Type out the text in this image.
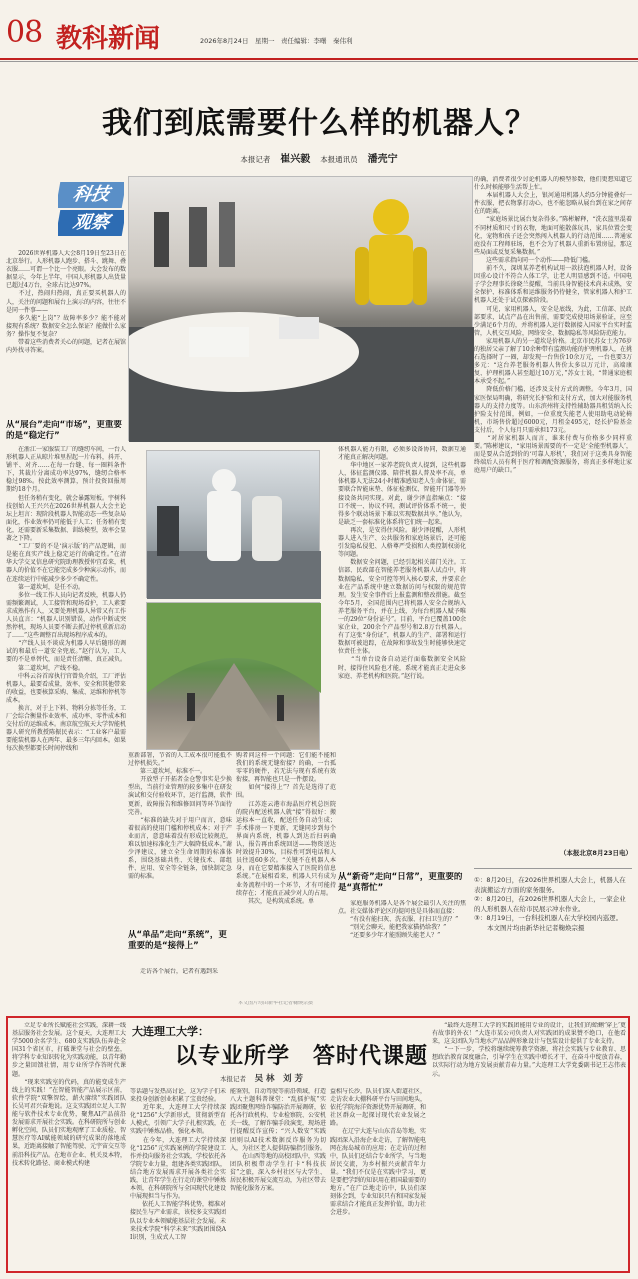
08 教科新闻	2026年8月24日　星期一　责任编辑：李曙　秦伟利
我们到底需要什么样的机器人？
本报记者　 崔兴毅　 本报通讯员　 潘壳宁
科技
观察
　　2026世界机器人大会8月19日至23日在北京举行。人形机器人跑步、搭斗、跳舞、叠衣服……可谓一个比一个亮眼。大会发布的数据显示，今年上半年，中国人形机器人出货量已超过4万台，全球占比达97%。
　　不过，热闹归热闹，真正要买机器人的人，关注的问题和展台上演示的内容，往往不是同一件事——
　　多久能“上岗”？故障率多少？能不能对接现有系统？数据安全怎么保证？能做什么家务？操作复不复杂？
　　带着这些消费者关心的问题，记者在展馆内外找寻答案。
从“展台”走向“市场”，更重要的是“稳定行”
　　在浙江一家服装工厂的缝纫车间，一台人形机器人正从晾片堆里捏起一片布料，抖开、铺平、对齐……在每一台缝、每一圈料条件下，其裁片分离成功率达97%，缝纫合格率稳过98%。按此效率测算，预计投资回报周期约18个月。
　　但任务稍有变化，就会暴露短板。宇树科技创始人王兴兴在2026世界机器人大会主论坛上坦言：现阶段机器人智能动态一些复杂局面化，作业效率仍可能低于人工；任务稍有变化，还需要新采集数据、训练模型，效率会显著之下降。
　　“工厂要的不是‘演示版’的产品逻辑，而是能在真实产线上稳定运行的确定性。”在清华大学交叉信息研究院助理教授仲宜看来，机器人的价值不在它能完成多少种演示动作，而在连续运行中能减少多少不确定性。
　　第一道坎坷，是任不动。
　　多位一线工作人员向记者反映，机器人仍需频繁调试，人工接管和现场看护，工人素要求成熟作有人，又要处理机器人异常又有工作人员直言：“机器人识别错误，动作中断或突然停机，现场人员要不断去抓过停机重新启动了……”这些调整百出现场程序成本的。
　　“产线人员不谈成为机器人早后随形的调试的和最后一道安全兜底。”赵行认为，工人要的不是单替代，而是责任清晰、真正减负。
　　第二道坎坷，产线不稳。
　　中科云谷首席执行官曾奂介绍，工厂评估机器人，最要看成量，效率、安全和其他带来的收益，也要核算采购、集成、运维和停机等成本。
　　换言，对于上下料、物料分拣等任务，工厂会综合衡量作业效率、成功率、零件成本和交付后的运维成本。南京航空航天大学智能机器人研究所教授陈振民表示：“工业客户最需要能装机器人在两年、最多三年内回本。如果每次换型都要长时间停线和
重新部署，节省的人工成本很可能抵不过停机损失。”
　　第三道坎坷，标准不一。
　　开放型子开拓者金仓警事实是少换型出，当前行业管理的较多集中在研发演试和交付验收环节，运行监测，软件更新，故障报告和维修回问等环节面待完善。
　　“标准的缺失对于用户而言，意味着很高的使用门槛和停机成本；对于产业而言，意意味着没有形成比较规范，难以加速标准化生产大幅降低成本。”谢少泽建议，建立全生命周期的标准体系，围绕基础共性、关键技术、部组件、应用、安全等全链条，加快制定急需的标准。
从“单品”走向“系统”，更重要的是“接得上”
　　走访各个展台，记者有遇到采
购者问这样一个问题：它们能不能和我们的系统无缝衔接？的确，一台孤零零的硬件，若无法与现有系统有效衔接，再智能也只是一件摆设。
　　如何“接得上”？首先是选得了范围。
　　江苏连云港市海晶医疗机总医院的院内配送机器人就“接”得很好：搬运标本一直收，配送任务自动生成；手术排房一下更新，无缝同步到每个界面内系统，机器人到达后扫码确认，报告再由系统回送——物资送达时效提升30%，目标性可到电话和人员往返60多次。“关键不在机器人本身，而在它要精准接入了医院的信息系统。”在展相看来，机器人只有成为业务流程中的一个环节，才有可能持续存在；才能真正减少对人的占用。
　　其次，是构筑成系统。单
体机器人能力有限，必须多设备协同，数据互通才能真正解决问题。
　　华中地区一家养老院负责人提到，这些机器人，体征监测仪器、陪伴机器人普及率不高，单体机器人无法24小时精准感知老人生命体征，需要联合智能床垫、体征检测仪、智能开门器等外接设备共同实现。对此，谢少泽直指痛点：“接口不统一、协议不同，测试评价体系不统一，使得多个联动场景下难以实现数据共享。”他认为，是缺乏一套标准化体系将它们统一起来。
　　再次，是安得住风险。谢少泽提醒，人形机器人进入生产、公共服务和家庭场景后，还可能引发隐私侵犯、人格尊严受损和人类控制权弱化等问题。
　　数据安全问题，已经引起相关部门关注。工信部、民政部在智能养老服务机器人试点中，将数据隐私、安全可控等列入核心要求，并要求企业在产品系统中建立数据访问与权限的规范管理。发生安全事件后上报监测和整改措施。截至今年5月，全国范围内已将机器人安全合规纳入养老服务平台，并在上线，为每台机器人赋予唯一的29位“身份证号”。目前，平台已覆盖100余家企业，200余个产品型号和2.8万台机器人。有了这张“身份证”，机器人的生产、部署和运行数据可被追踪，在故障和事故发生时能够快速定位责任主体。
　　“当单台设备自动运行面临数据安全风险时，接得住风险也才能，系统才能真正走进众多家庭、养老机构和医院。”赵行说。
从“新奇”走向“日常”，更重要的是“真帮忙”
　　家庭服务机器人是各个展会最引人关注的焦点。社交媒体评论区的提问也是具体而直接：
　　“有没有能扫灰、洗衣服、打扫卫生的？”
　　“别光会聊天，能把我家猫扔给我？”
　　“还要多少年才能照顾失能老人？”
的确，消费者很少讨论机器人的模型参数，他们更想知道它什么时候能够生活帮上忙。
　　本届机器人大会上，银河通用机器人约5分钟能叠好一件衣服，把衣物掌打动心，也不能忽略从展台到在家之间存在的距离。
　　“家庭场景比展台复杂得多。”陈彬解释，“洗衣篮里混着不同材质和尺寸的衣物，地面可能散落玩具，家具位置会变化，宠物和孩子还会突然闯入机器人的行动范围……普通家庭没有工程师驻场，也不会为了机器人重新布置房屋，那这些局面或反复采集数据。”
　　这些需求指向同一个动作——降低门槛。
　　前不久，深圳某养老机构试用一款扶泡机器人时，设备因重心设计不符合人体工学，让老人明显感到不适。中国电子学会理事长徐晓兰提醒，当前具身智能技术尚未成熟，安全保护、标准体系和运维服务仍待健全，管家机器人和护工机器人还处于试点探索阶段。
　　可见，家用机器人，安全是底线，为此，工信部、民政部要求，试点产品在出售前，需要完成使用场景验证，应至少满足6个月的，并将机器人运行数据接入国家平台实时监管，人机交互风险，网络安全、数据隐私等风险防范能力。
　　家用机器人的另一道坎是价格。北京市民苏女士为76岁的独居父亲了解了10余种带有监测功能的护理机器人，在挑石选择时了一圈，却发现一台售价10余万元，一台也要3万多元：“这台养老服务机器人售价太多以万元计，高端康复、护理机器人甚至超过10万元，”苏女士说，“普通家庭根本承受不起。”
　　降低价格门槛，还涉及支付方式的调整。今年3月，国家医保局明确，将研究长护险和支付方式，加大对能服务机器人的支持力度等。山东滨州将支持性辅助器具租赁纳入长护险支付范围，例如，一位重度失能老人使用助电动轮椅机，市场售价超过6000元，月租金495元，经长护险基金支付后，个人每月只需承担173元。
　　“对居家机器人而言，谁来付费与价格多少同样重要。”陈彬建议，“家用场景需要的不一定是‘全能型机器人’，而是要从合适到价的‘可靠人形机’，我们对于这类具身智能终端后人员有利于医疗和调配资源服务，将真正多样地让家庭用户的缺口。”
（本报北京8月23日电）
①：8月20日，在2026世界机器人大会上，机器人在表演搬运方方面的家务服务。
②：8月20日，在2026世界机器人大会上，一家企业的人形机器人在给市民展示冲水作业。
③：8月19日，一台科技机器人在大学校园内巡逻。
　　本文图片均由新华社记者鞠焕宗摄
本文图片均由新华社记者鞠焕宗摄	① ② ③
大连理工大学：
以专业所学　答时代课题
本报记者　 吴 林　刘 芳
　　立足专业所长赋能社会实践，深耕一线基层服务社会发展。这个夏天，大连理工大学5000余名学生、680支实践队伍奔赴全国31个省区市，打破课堂与社会的壁垒，将学科专业知识转化为实践动能，以青年勤步之量回馈社情，用专业所学作答时代课题。
　　“现来实践室的代码，真的能变成生产线上的实践！”在智能智能产品展示区前，软件学院“双擎智绘，薪火赓续”实践团队长吴可君兴奋地说。这支实践团立足人工智能与软件技术专业优势，聚焦AI产品前沿发展需求开展社会实践。在科研院所与创业孵化空间，队员们实地观摩了工业质检、智慧医疗等AI赋能领域的研究成果的落地成果，近距离接触了智能驾驶、元宇宙交互等前沿科技产品。在地市企业、机关及本特，技术转化路径、商业模式构建
等话题与发热高讨论，这为学子们未来投身创新创业积累了宝贵经验。
　　近年来，大连理工大学持续深化“1256”大学新形式，贯彻新型育人模式，引领广大学子扎根实践，在实践中锤炼品格，强化本领。
　　在今年，大连理工大学持续深化“1256”元实践案例的学院建设工作并投向服务社会实践，学校依托各学院专业力量，组建各类实践团队，结合地方发展需求开展各类社会实践，让青年学生在行走的课堂中锤炼本领，在科研院所与全国现代化建设中展现担当与作为。
　　依托人工智能学科优势，精准对接民生与产业需求，该校多支实践团队以专业本领赋能基层社会发展。未来技术学院“科学未来”实践团围绕AI识别，生成式人工智
能鉴别，自动驾驶等前沿领域，打造八大主题科普课堂：“乱擂护航”实践团聚焦网络诈骗防治开展调研，依托各行政机构、专业检察院、公安机关一线，了解诈骗手段演变，现场进行提醒反诈宣传；“兴人数安”实践团则以AI技术数据反诈服务为切入，为社区老人提供防骗指引服务。
　　在山西等地的高校团队中，实践团队积极带动学生打卡“科技扶贫”之旅，深入乡村社区与大学生、居民积极开展交流互动，为社区带去智能化服务方案。
益相与长沙，队员们深入街道社区，走访农业大棚科研平台与田间地头，依托学院海洋资源优势开展调研，和社区群众一起探讨现代农业发展之路。
　　在辽宁大连与山东青岛等地，实践团深入沿海企业走访，了解智能电网在海岛城市的应用；在走访的过程中，队员们还结合专业所学，与当地居民交流，为乡村振兴贡献青年力量。“我们不仅是在实践中学习，更是要把学到的知识用在祖国最需要的地方。”在广泛地走访中，队员们深刻体会到，专业知识只有和国家发展需求结合才能真正发挥价值，助力社会进步。
　　“最终大连理工大学的实践团能用专业的设计，让我们的蛤蜊‘穿上’更有故事的外衣！”大连市某公司负责人对实践团的成果赞不绝口，在他看来，这支团队为当地水产品品牌形象设计与包装设计提供了专业支持。
　　“一下一步，学校将继续统筹教学资源，将社会实践与专业教育、思想政治教育深度融合，引导学生在实践中增长才干、在奋斗中绽放青春，以实际行动为地方发展贡献青春力量。”大连理工大学党委副书记王志伟表示。
